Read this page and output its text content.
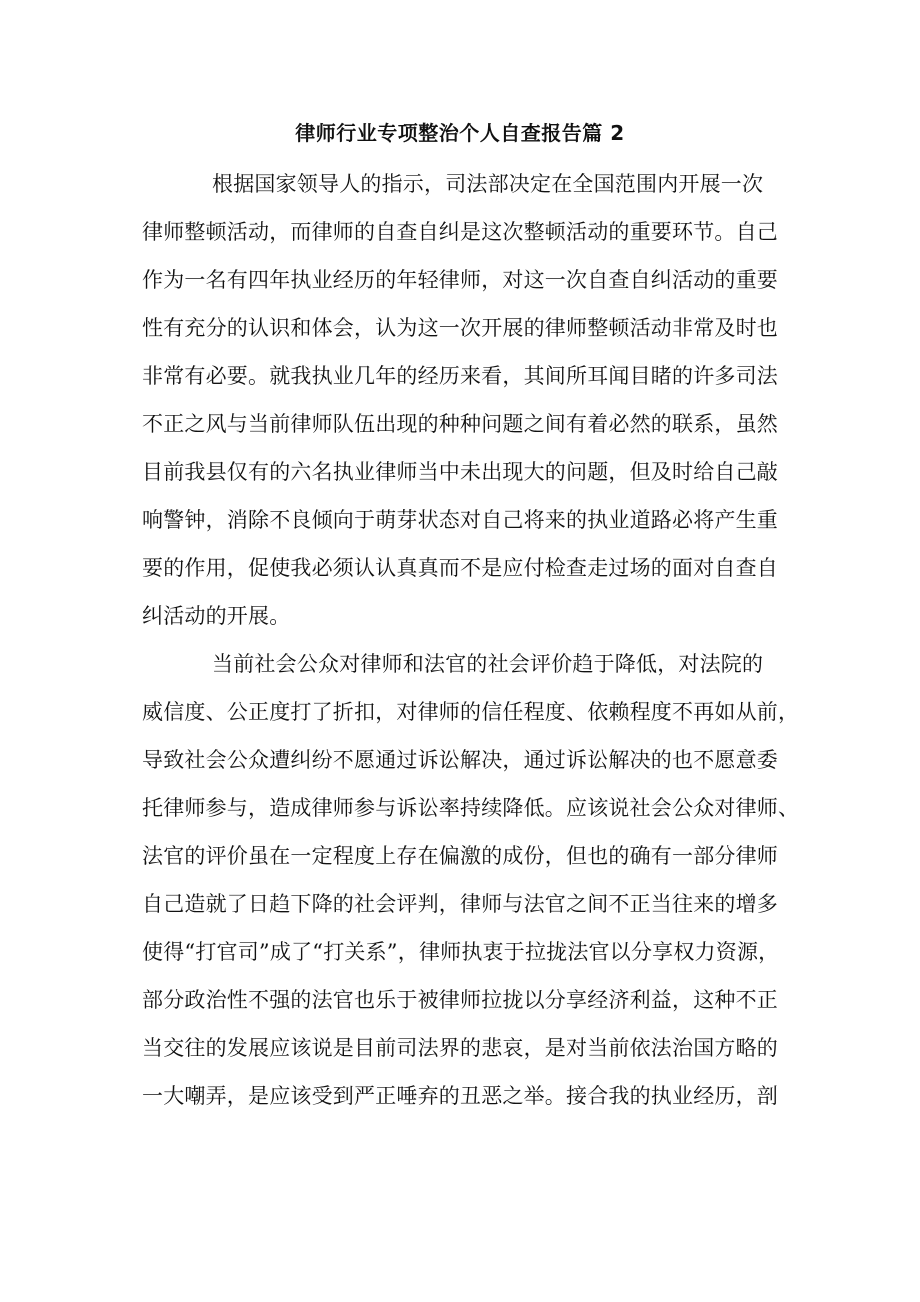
律师行业专项整治个人自查报告篇 2
根据国家领导人的指示，司法部决定在全国范围内开展一次
律师整顿活动，而律师的自查自纠是这次整顿活动的重要环节。自己
作为一名有四年执业经历的年轻律师，对这一次自查自纠活动的重要
性有充分的认识和体会，认为这一次开展的律师整顿活动非常及时也
非常有必要。就我执业几年的经历来看，其间所耳闻目睹的许多司法
不正之风与当前律师队伍出现的种种问题之间有着必然的联系，虽然
目前我县仅有的六名执业律师当中未出现大的问题，但及时给自己敲
响警钟，消除不良倾向于萌芽状态对自己将来的执业道路必将产生重
要的作用，促使我必须认认真真而不是应付检查走过场的面对自查自
纠活动的开展。
当前社会公众对律师和法官的社会评价趋于降低，对法院的
威信度、公正度打了折扣，对律师的信任程度、依赖程度不再如从前，
导致社会公众遭纠纷不愿通过诉讼解决，通过诉讼解决的也不愿意委
托律师参与，造成律师参与诉讼率持续降低。应该说社会公众对律师、
法官的评价虽在一定程度上存在偏激的成份，但也的确有一部分律师
自己造就了日趋下降的社会评判，律师与法官之间不正当往来的增多
使得“打官司”成了“打关系”，律师执衷于拉拢法官以分享权力资源，
部分政治性不强的法官也乐于被律师拉拢以分享经济利益，这种不正
当交往的发展应该说是目前司法界的悲哀，是对当前依法治国方略的
一大嘲弄，是应该受到严正唾弃的丑恶之举。接合我的执业经历，剖
